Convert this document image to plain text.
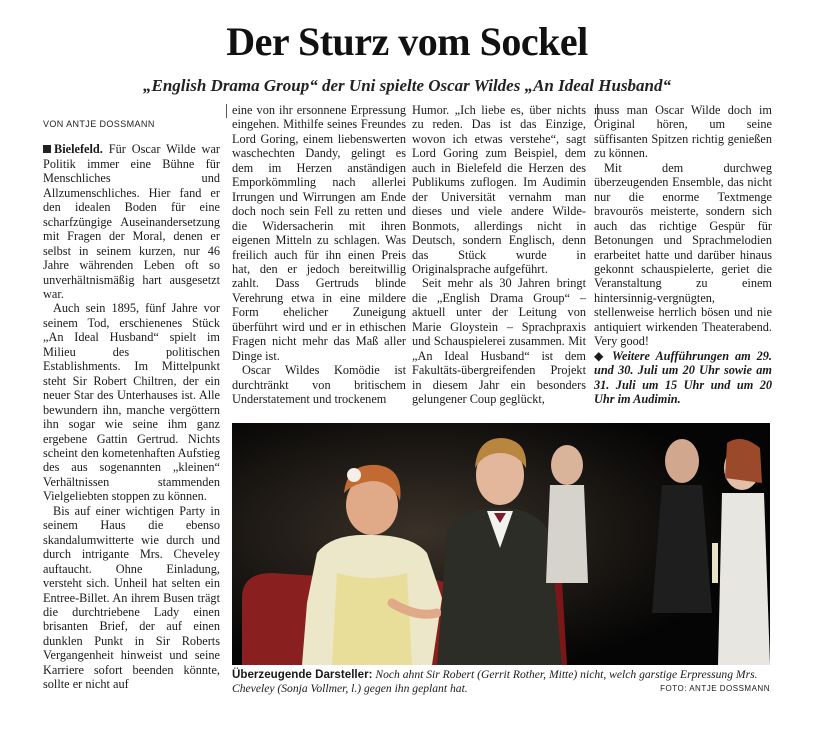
Der Sturz vom Sockel
„English Drama Group“ der Uni spielte Oscar Wildes „An Ideal Husband“
VON ANTJE DOSSMANN

Bielefeld. Für Oscar Wilde war Politik immer eine Bühne für Menschliches und Allzumenschliches. Hier fand er den idealen Boden für eine scharfzüngige Auseinandersetzung mit Fragen der Moral, denen er selbst in seinem kurzen, nur 46 Jahre währenden Leben oft so unverhältnismäßig hart ausgesetzt war.

Auch sein 1895, fünf Jahre vor seinem Tod, erschienenes Stück „An Ideal Husband“ spielt im Milieu des politischen Establishments. Im Mittelpunkt steht Sir Robert Chiltren, der ein neuer Star des Unterhauses ist. Alle bewundern ihn, manche vergöttern ihn sogar wie seine ihm ganz ergebene Gattin Gertrud. Nichts scheint den kometenhaften Aufstieg des aus sogenannten „kleinen“ Verhältnissen stammenden Vielgeliebten stoppen zu können.

Bis auf einer wichtigen Party in seinem Haus die ebenso skandalumwitterte wie durch und durch intrigante Mrs. Cheveley auftaucht. Ohne Einladung, versteht sich. Unheil hat selten ein Entree-Billet. An ihrem Busen trägt die durchtriebene Lady einen brisanten Brief, der auf einen dunklen Punkt in Sir Roberts Vergangenheit hinweist und seine Karriere sofort beenden könnte, sollte er nicht auf

eine von ihr ersonnene Erpressung eingehen. Mithilfe seines Freundes Lord Goring, einem liebenswerten waschechten Dandy, gelingt es dem im Herzen anständigen Emporkömmling nach allerlei Irrungen und Wirrungen am Ende doch noch sein Fell zu retten und die Widersacherin mit ihren eigenen Mitteln zu schlagen. Was freilich auch für ihn einen Preis hat, den er jedoch bereitwillig zahlt. Dass Gertruds blinde Verehrung etwa in eine mildere Form ehelicher Zuneigung überführt wird und er in ethischen Fragen nicht mehr das Maß aller Dinge ist.

Oscar Wildes Komödie ist durchtränkt von britischem Understatement und trockenem

Humor. „Ich liebe es, über nichts zu reden. Das ist das Einzige, wovon ich etwas verstehe“, sagt Lord Goring zum Beispiel, dem auch in Bielefeld die Herzen des Publikums zuflogen. Im Audimin der Universität vernahm man dieses und viele andere Wilde-Bonmots, allerdings nicht in Deutsch, sondern Englisch, denn das Stück wurde in Originalsprache aufgeführt.

Seit mehr als 30 Jahren bringt die „English Drama Group“ – aktuell unter der Leitung von Marie Gloystein – Sprachpraxis und Schauspielerei zusammen. Mit „An Ideal Husband“ ist dem Fakultäts-übergreifenden Projekt in diesem Jahr ein besonders gelungener Coup geglückt,

muss man Oscar Wilde doch im Original hören, um seine süffisanten Spitzen richtig genießen zu können.

Mit dem durchweg überzeugenden Ensemble, das nicht nur die enorme Textmenge bravourös meisterte, sondern sich auch das richtige Gespür für Betonungen und Sprachmelodien erarbeitet hatte und darüber hinaus gekonnt schauspielerte, geriet die Veranstaltung zu einem hintersinnig-vergnügten, stellenweise herrlich bösen und nie antiquiert wirkenden Theaterabend. Very good!

◆ Weitere Aufführungen am 29. und 30. Juli um 20 Uhr sowie am 31. Juli um 15 Uhr und um 20 Uhr im Audimin.

Überzeugende Darsteller: Noch ahnt Sir Robert (Gerrit Rother, Mitte) nicht, welch garstige Erpressung Mrs. Cheveley (Sonja Vollmer, l.) gegen ihn geplant hat.	FOTO: ANTJE DOSSMANN
